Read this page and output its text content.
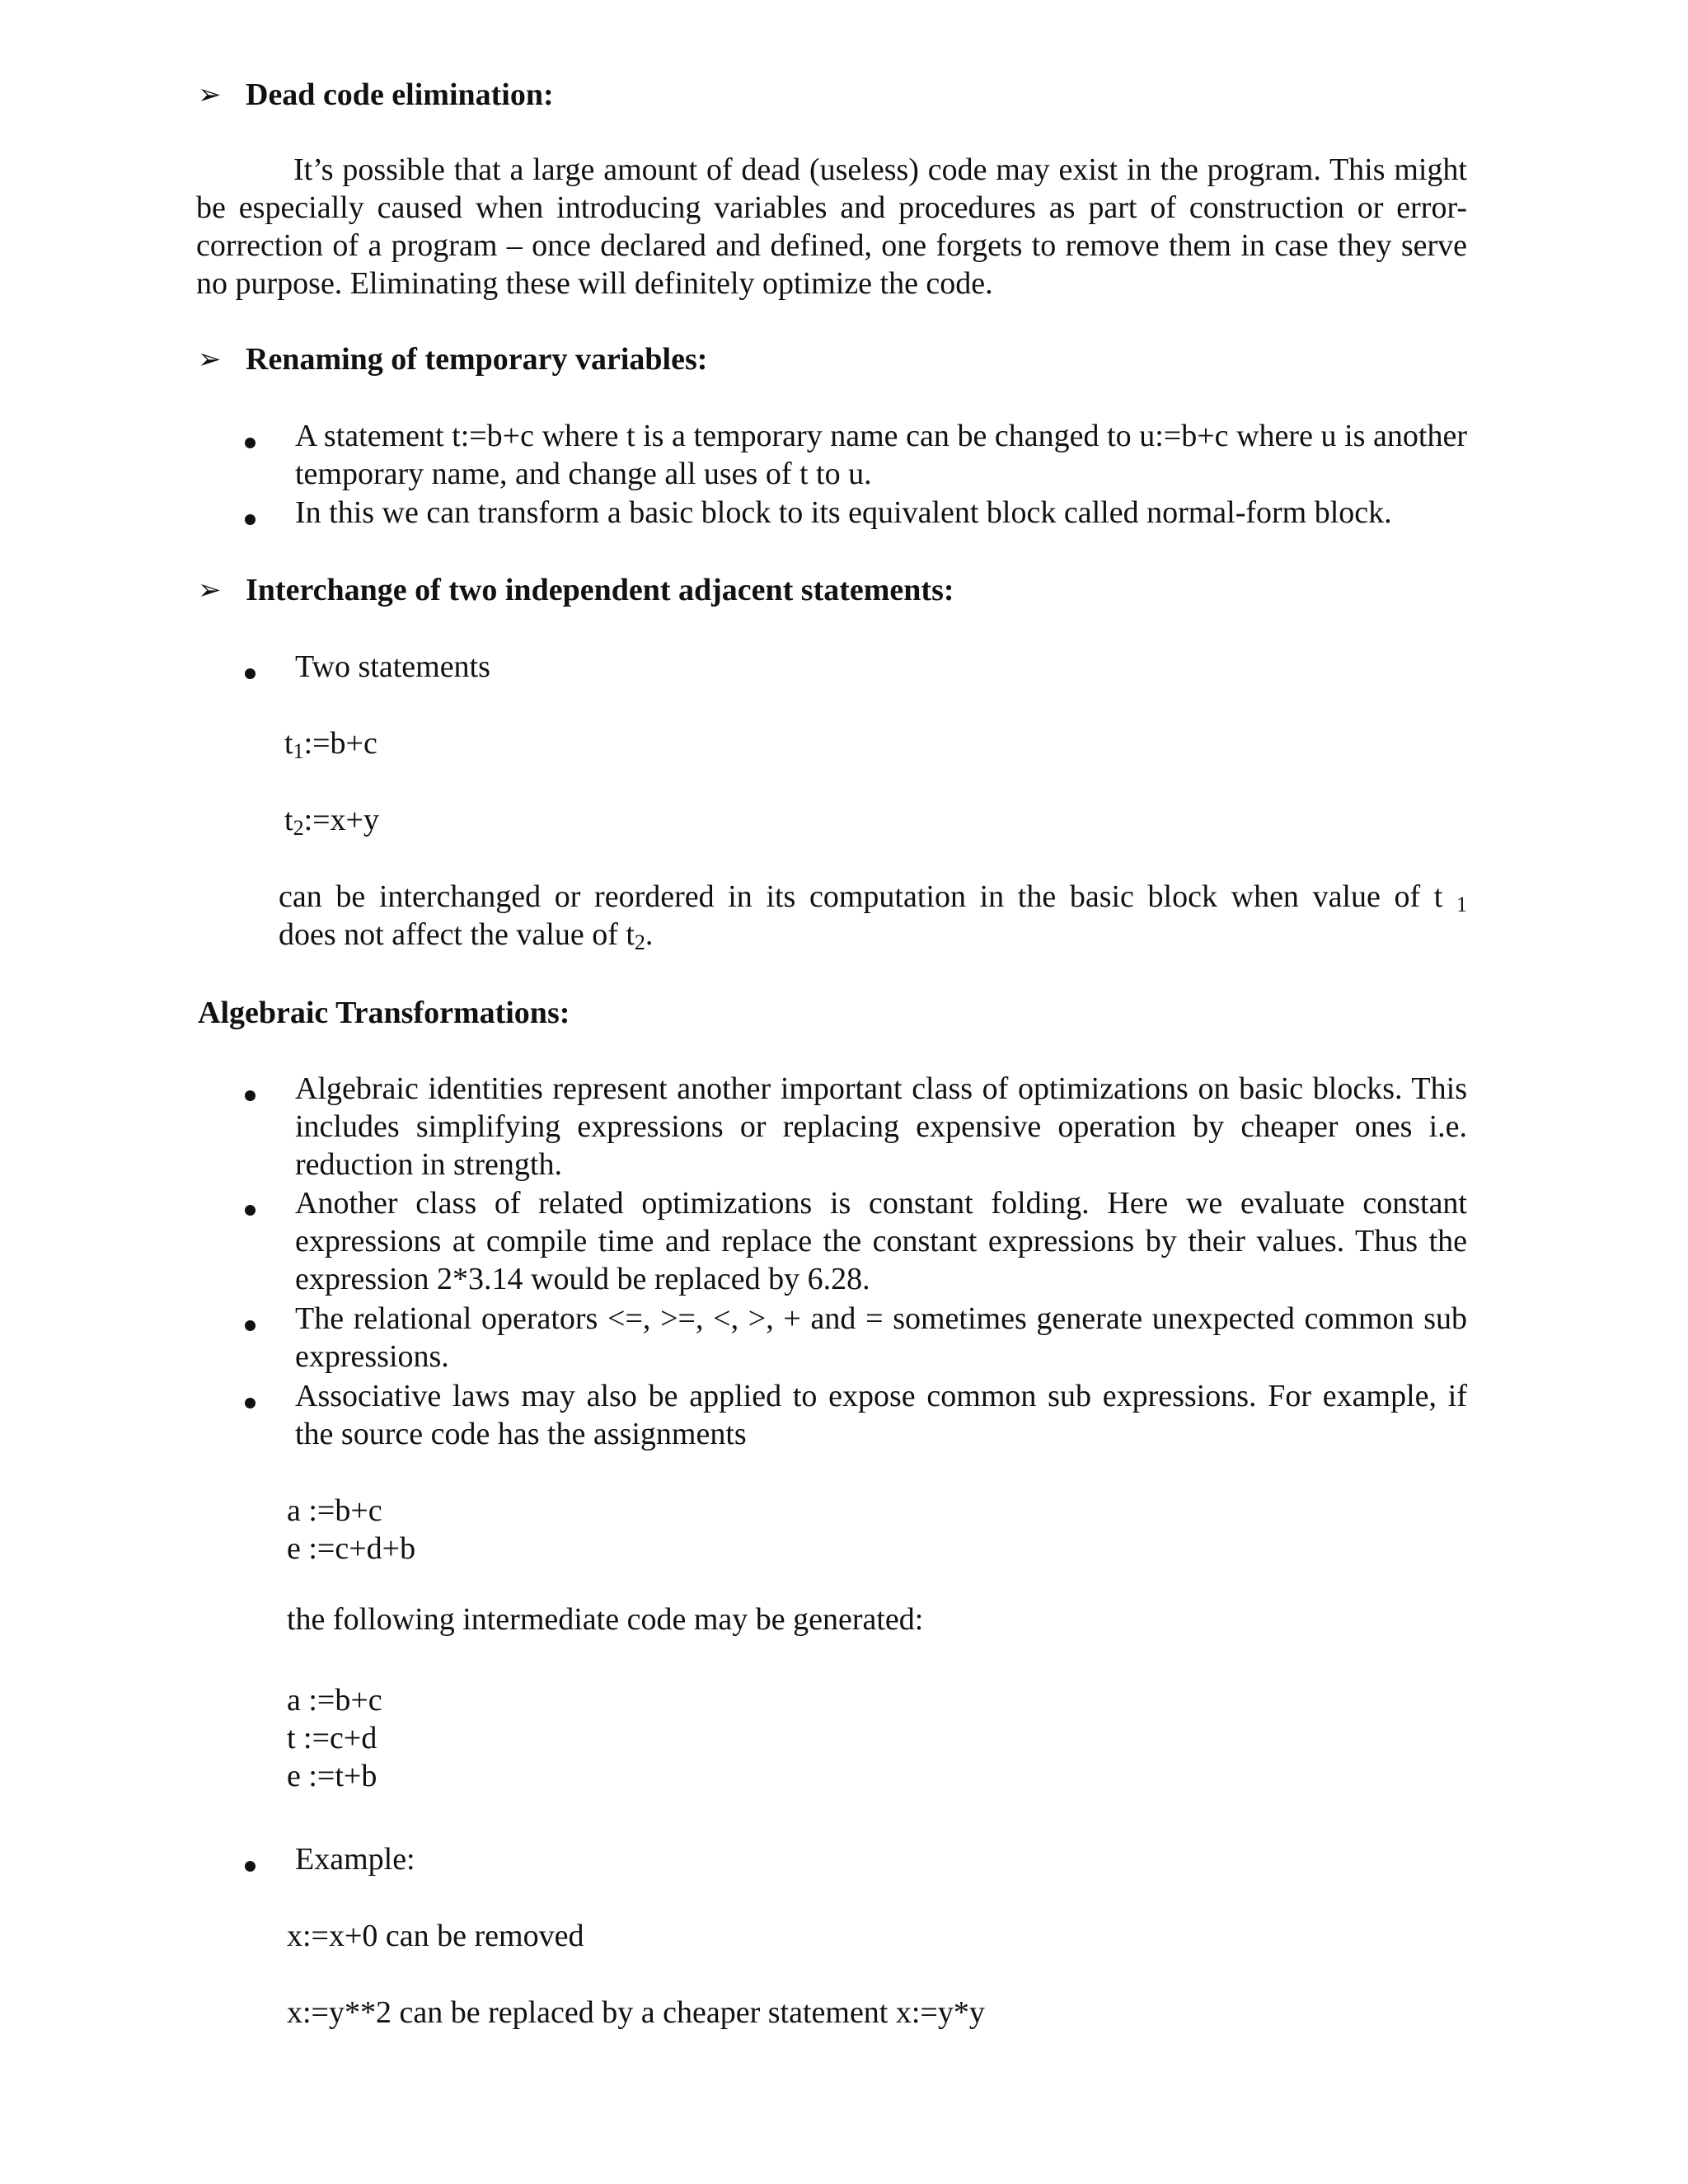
➢ Dead code elimination:

It’s possible that a large amount of dead (useless) code may exist in the program. This might be especially caused when introducing variables and procedures as part of construction or error-correction of a program – once declared and defined, one forgets to remove them in case they serve no purpose. Eliminating these will definitely optimize the code.

➢ Renaming of temporary variables:

A statement t:=b+c where t is a temporary name can be changed to u:=b+c where u is another temporary name, and change all uses of t to u.

In this we can transform a basic block to its equivalent block called normal-form block.

➢ Interchange of two independent adjacent statements:

Two statements

$t_1:=b+c$

$t_2:=x+y$

can be interchanged or reordered in its computation in the basic block when value of t $_1$

does not affect the value of $t_2$.

Algebraic Transformations:

Algebraic identities represent another important class of optimizations on basic blocks. This includes simplifying expressions or replacing expensive operation by cheaper ones i.e. reduction in strength.

Another class of related optimizations is constant folding. Here we evaluate constant expressions at compile time and replace the constant expressions by their values. Thus the expression 2*3.14 would be replaced by 6.28.

The relational operators <=, >=, <, >, + and = sometimes generate unexpected common sub expressions.

Associative laws may also be applied to expose common sub expressions. For example, if the source code has the assignments

a :=b+c
e :=c+d+b

the following intermediate code may be generated:

a :=b+c
t :=c+d
e :=t+b

Example:

x:=x+0 can be removed

x:=y**2 can be replaced by a cheaper statement x:=y*y
